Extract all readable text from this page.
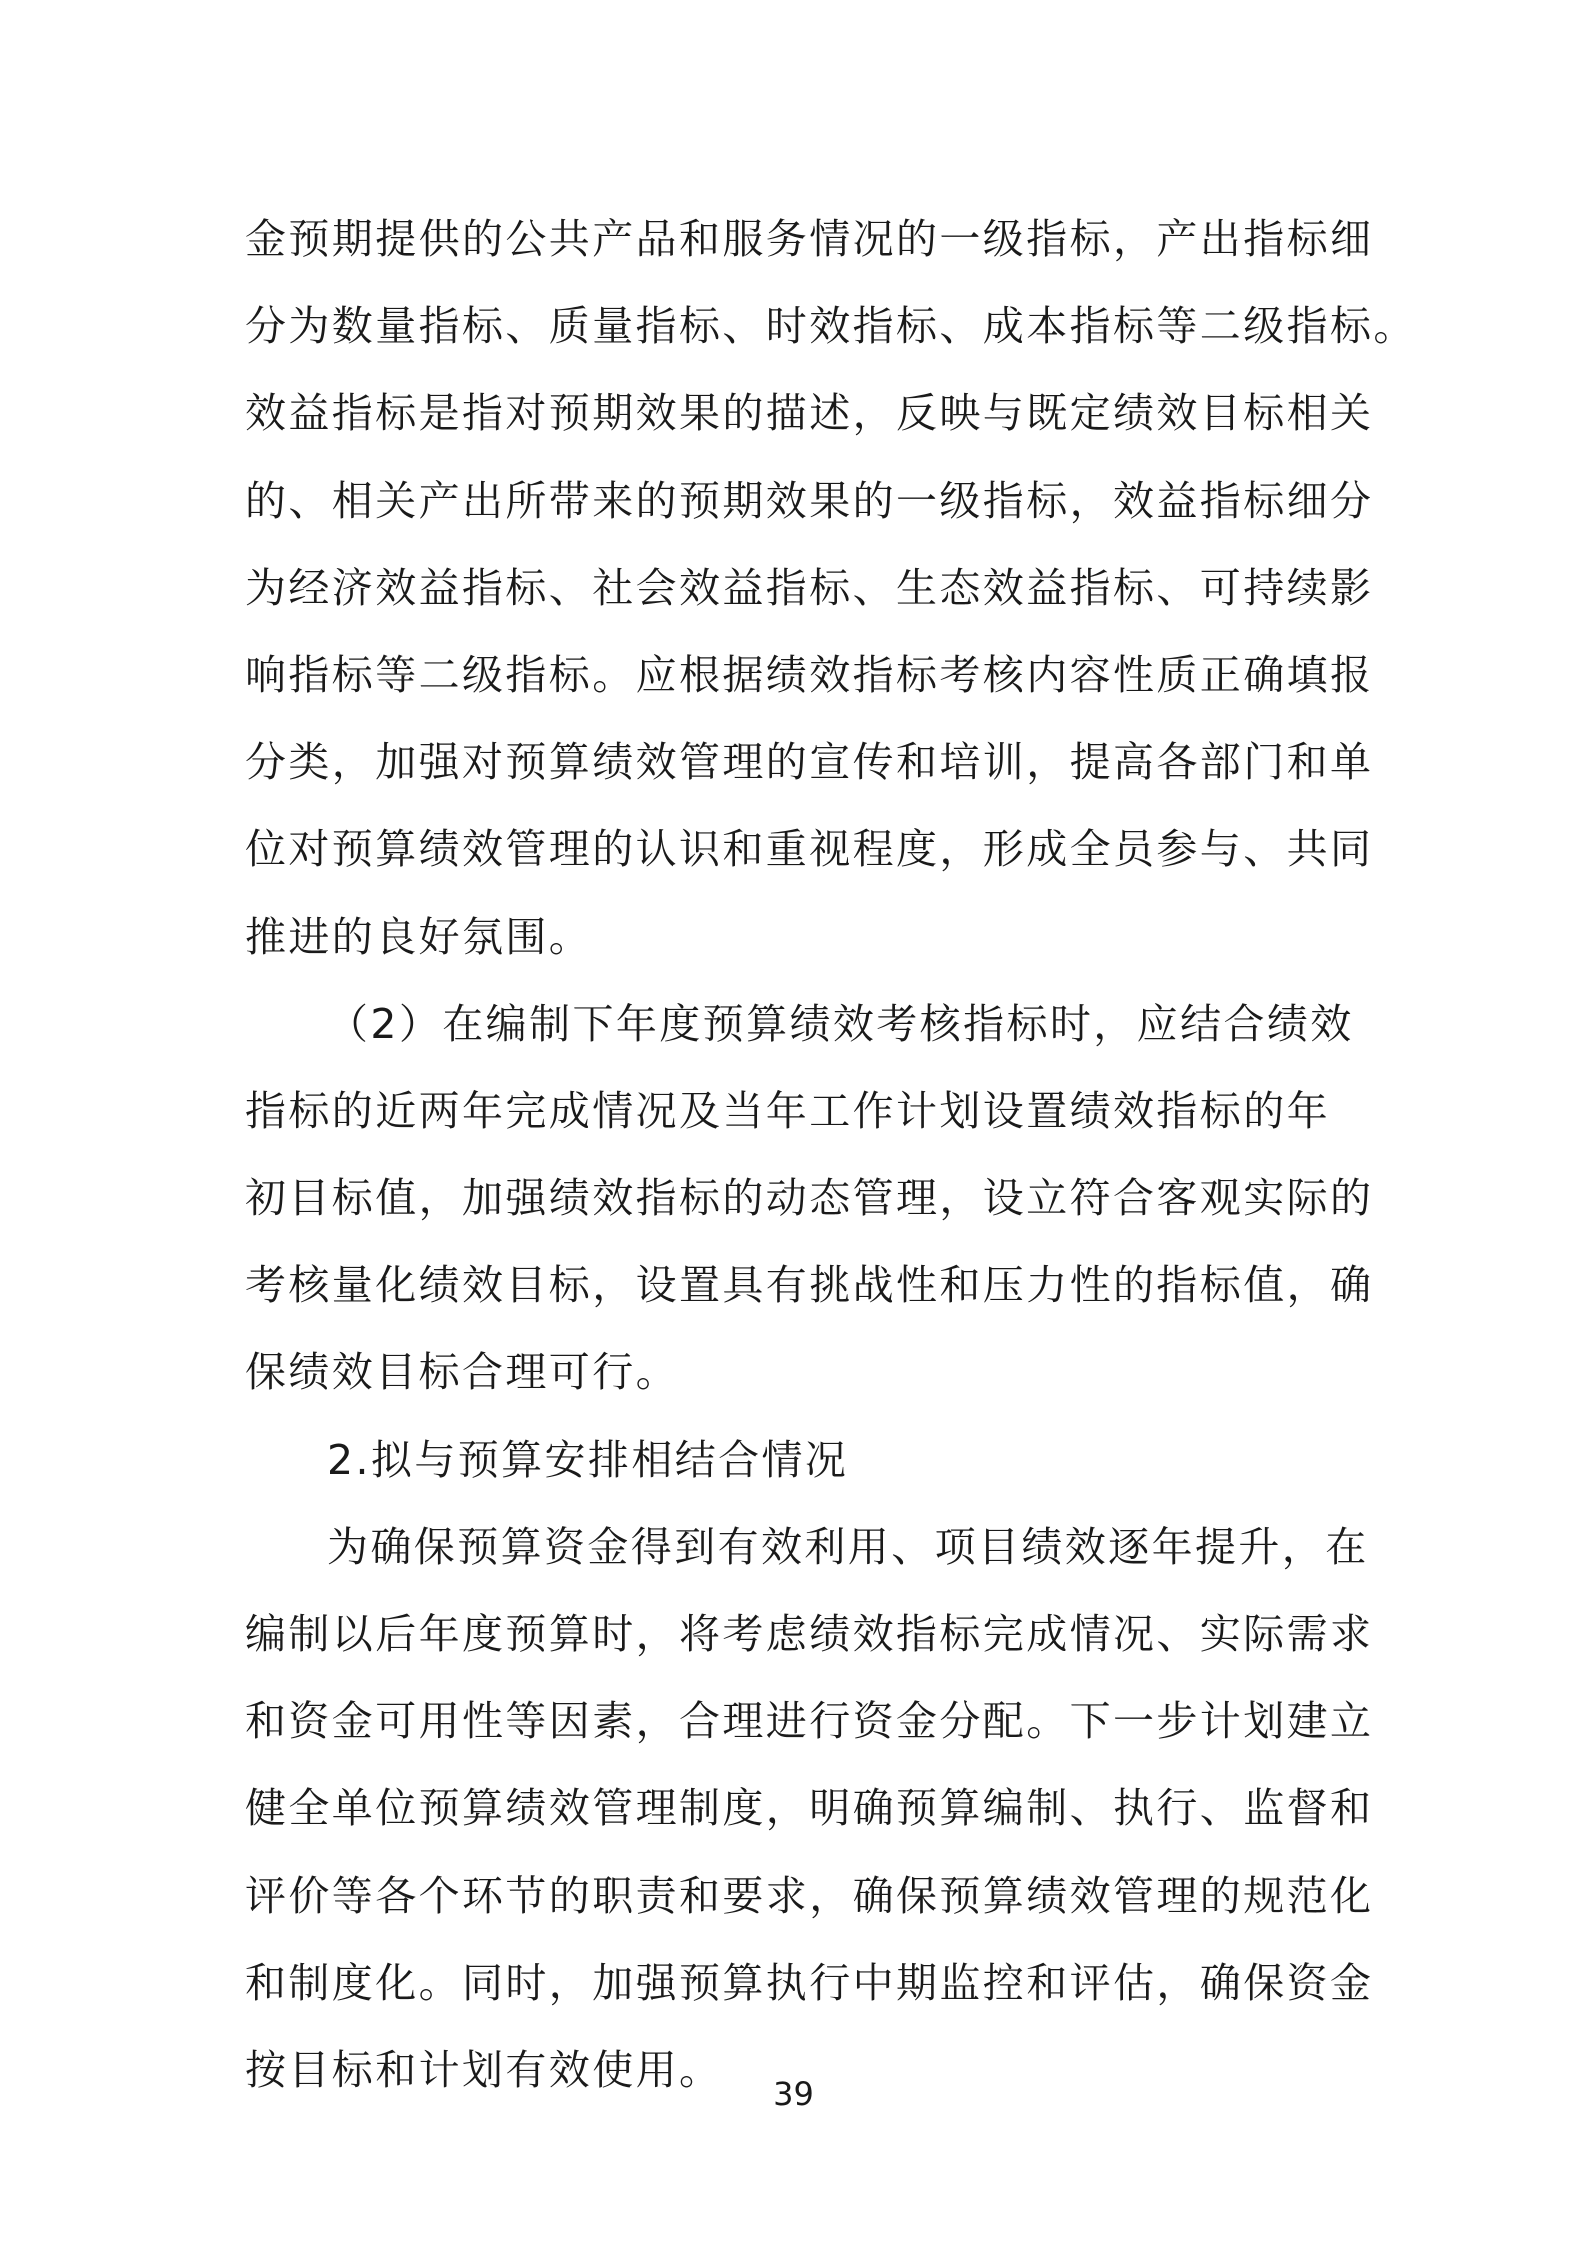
金预期提供的公共产品和服务情况的一级指标，产出指标细
分为数量指标、质量指标、时效指标、成本指标等二级指标。
效益指标是指对预期效果的描述，反映与既定绩效目标相关
的、相关产出所带来的预期效果的一级指标，效益指标细分
为经济效益指标、社会效益指标、生态效益指标、可持续影
响指标等二级指标。应根据绩效指标考核内容性质正确填报
分类，加强对预算绩效管理的宣传和培训，提高各部门和单
位对预算绩效管理的认识和重视程度，形成全员参与、共同
推进的良好氛围。
（2）在编制下年度预算绩效考核指标时，应结合绩效
指标的近两年完成情况及当年工作计划设置绩效指标的年
初目标值，加强绩效指标的动态管理，设立符合客观实际的
考核量化绩效目标，设置具有挑战性和压力性的指标值，确
保绩效目标合理可行。
2.拟与预算安排相结合情况
为确保预算资金得到有效利用、项目绩效逐年提升，在
编制以后年度预算时，将考虑绩效指标完成情况、实际需求
和资金可用性等因素，合理进行资金分配。下一步计划建立
健全单位预算绩效管理制度，明确预算编制、执行、监督和
评价等各个环节的职责和要求，确保预算绩效管理的规范化
和制度化。同时，加强预算执行中期监控和评估，确保资金
按目标和计划有效使用。
39
